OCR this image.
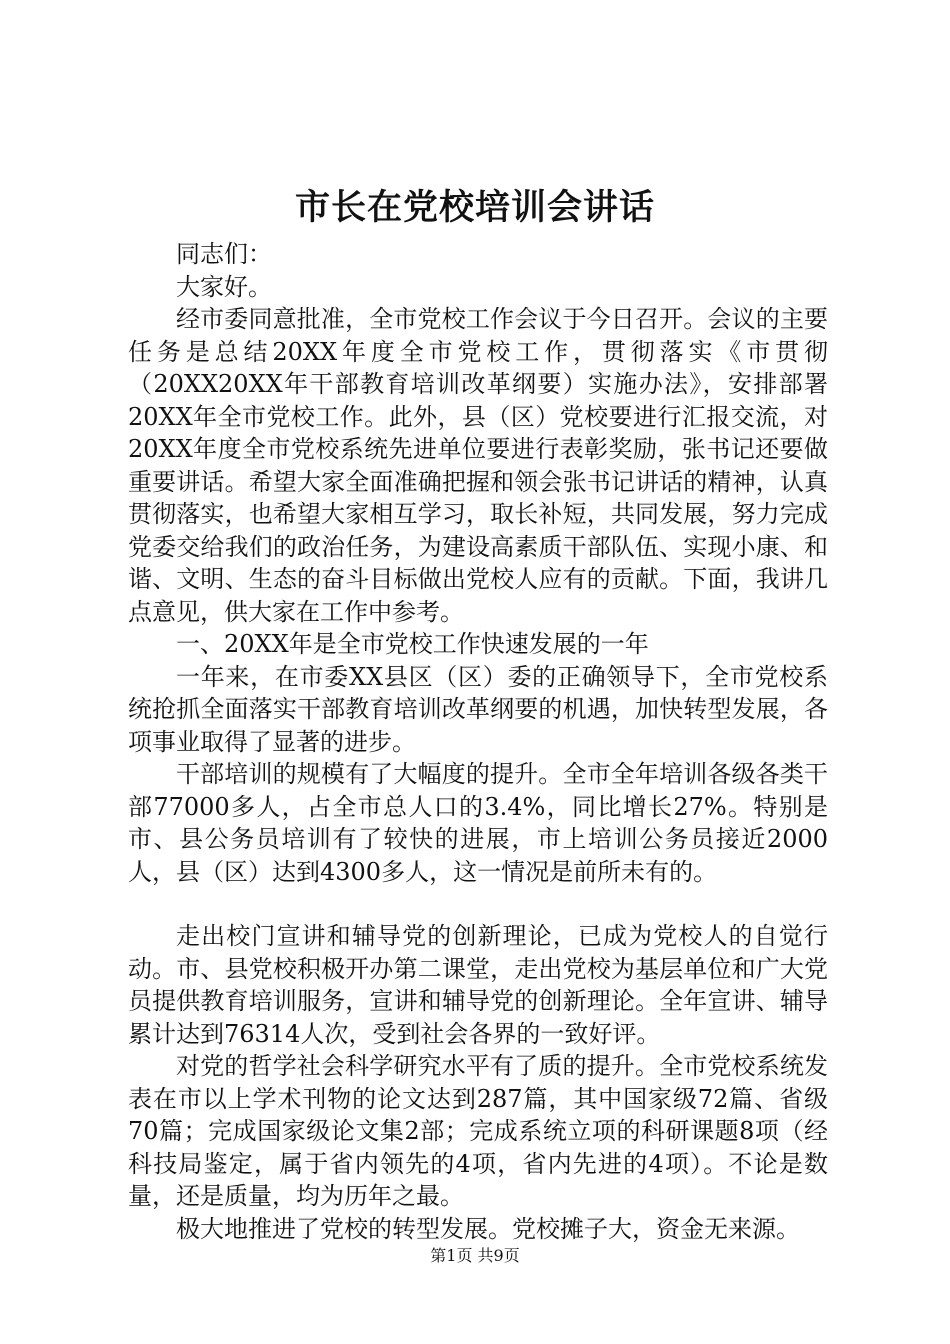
市长在党校培训会讲话

同志们：

大家好。

经市委同意批准，全市党校工作会议于今日召开。会议的主要任务是总结20XX年度全市党校工作，贯彻落实《市贯彻（20XX20XX年干部教育培训改革纲要）实施办法》，安排部署20XX年全市党校工作。此外，县（区）党校要进行汇报交流，对20XX年度全市党校系统先进单位要进行表彰奖励，张书记还要做重要讲话。希望大家全面准确把握和领会张书记讲话的精神，认真贯彻落实，也希望大家相互学习，取长补短，共同发展，努力完成党委交给我们的政治任务，为建设高素质干部队伍、实现小康、和谐、文明、生态的奋斗目标做出党校人应有的贡献。下面，我讲几点意见，供大家在工作中参考。

一、20XX年是全市党校工作快速发展的一年

一年来，在市委XX县区（区）委的正确领导下，全市党校系统抢抓全面落实干部教育培训改革纲要的机遇，加快转型发展，各项事业取得了显著的进步。

干部培训的规模有了大幅度的提升。全市全年培训各级各类干部77000多人，占全市总人口的3.4%，同比增长27%。特别是市、县公务员培训有了较快的进展，市上培训公务员接近2000人，县（区）达到4300多人，这一情况是前所未有的。

走出校门宣讲和辅导党的创新理论，已成为党校人的自觉行动。市、县党校积极开办第二课堂，走出党校为基层单位和广大党员提供教育培训服务，宣讲和辅导党的创新理论。全年宣讲、辅导累计达到76314人次，受到社会各界的一致好评。

对党的哲学社会科学研究水平有了质的提升。全市党校系统发表在市以上学术刊物的论文达到287篇，其中国家级72篇、省级70篇；完成国家级论文集2部；完成系统立项的科研课题8项（经科技局鉴定，属于省内领先的4项，省内先进的4项）。不论是数量，还是质量，均为历年之最。

极大地推进了党校的转型发展。党校摊子大，资金无来源。

第1页 共9页
